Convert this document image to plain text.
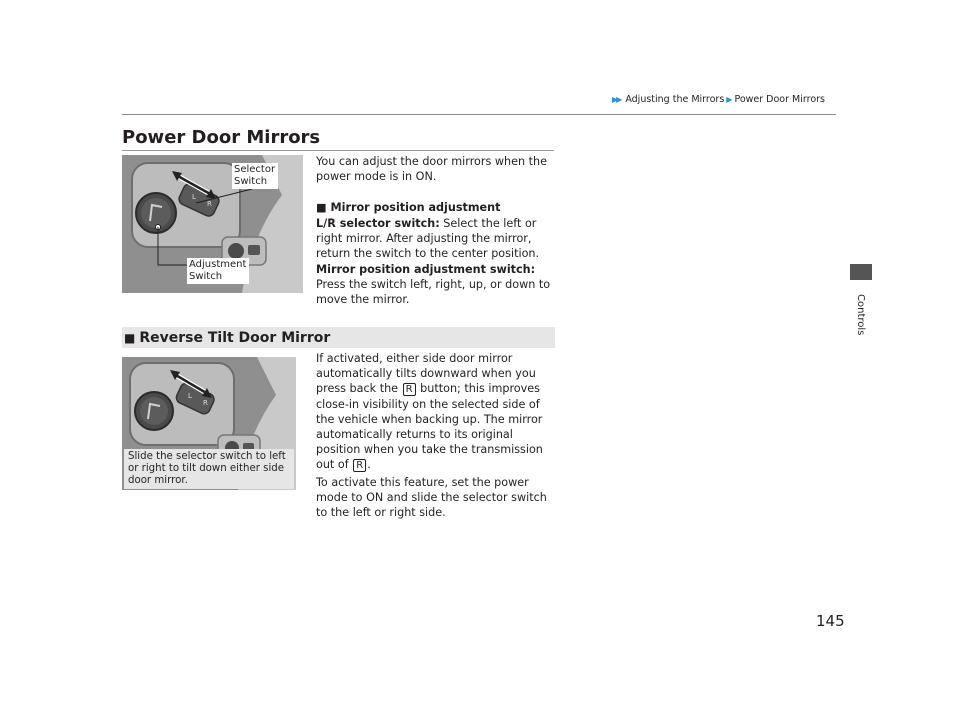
▶▶ Adjusting the Mirrors ▶ Power Door Mirrors
Controls
Power Door Mirrors
L
R
Selector Switch
Adjustment Switch
You can adjust the door mirrors when the power mode is in ON.
■ Mirror position adjustment
L/R selector switch: Select the left or right mirror. After adjusting the mirror, return the switch to the center position.
Mirror position adjustment switch: Press the switch left, right, up, or down to move the mirror.
■ Reverse Tilt Door Mirror
L
R
Slide the selector switch to left or right to tilt down either side door mirror.
If activated, either side door mirror automatically tilts downward when you press back the R button; this improves close-in visibility on the selected side of the vehicle when backing up. The mirror automatically returns to its original position when you take the transmission out of R .
To activate this feature, set the power mode to ON and slide the selector switch to the left or right side.
145
